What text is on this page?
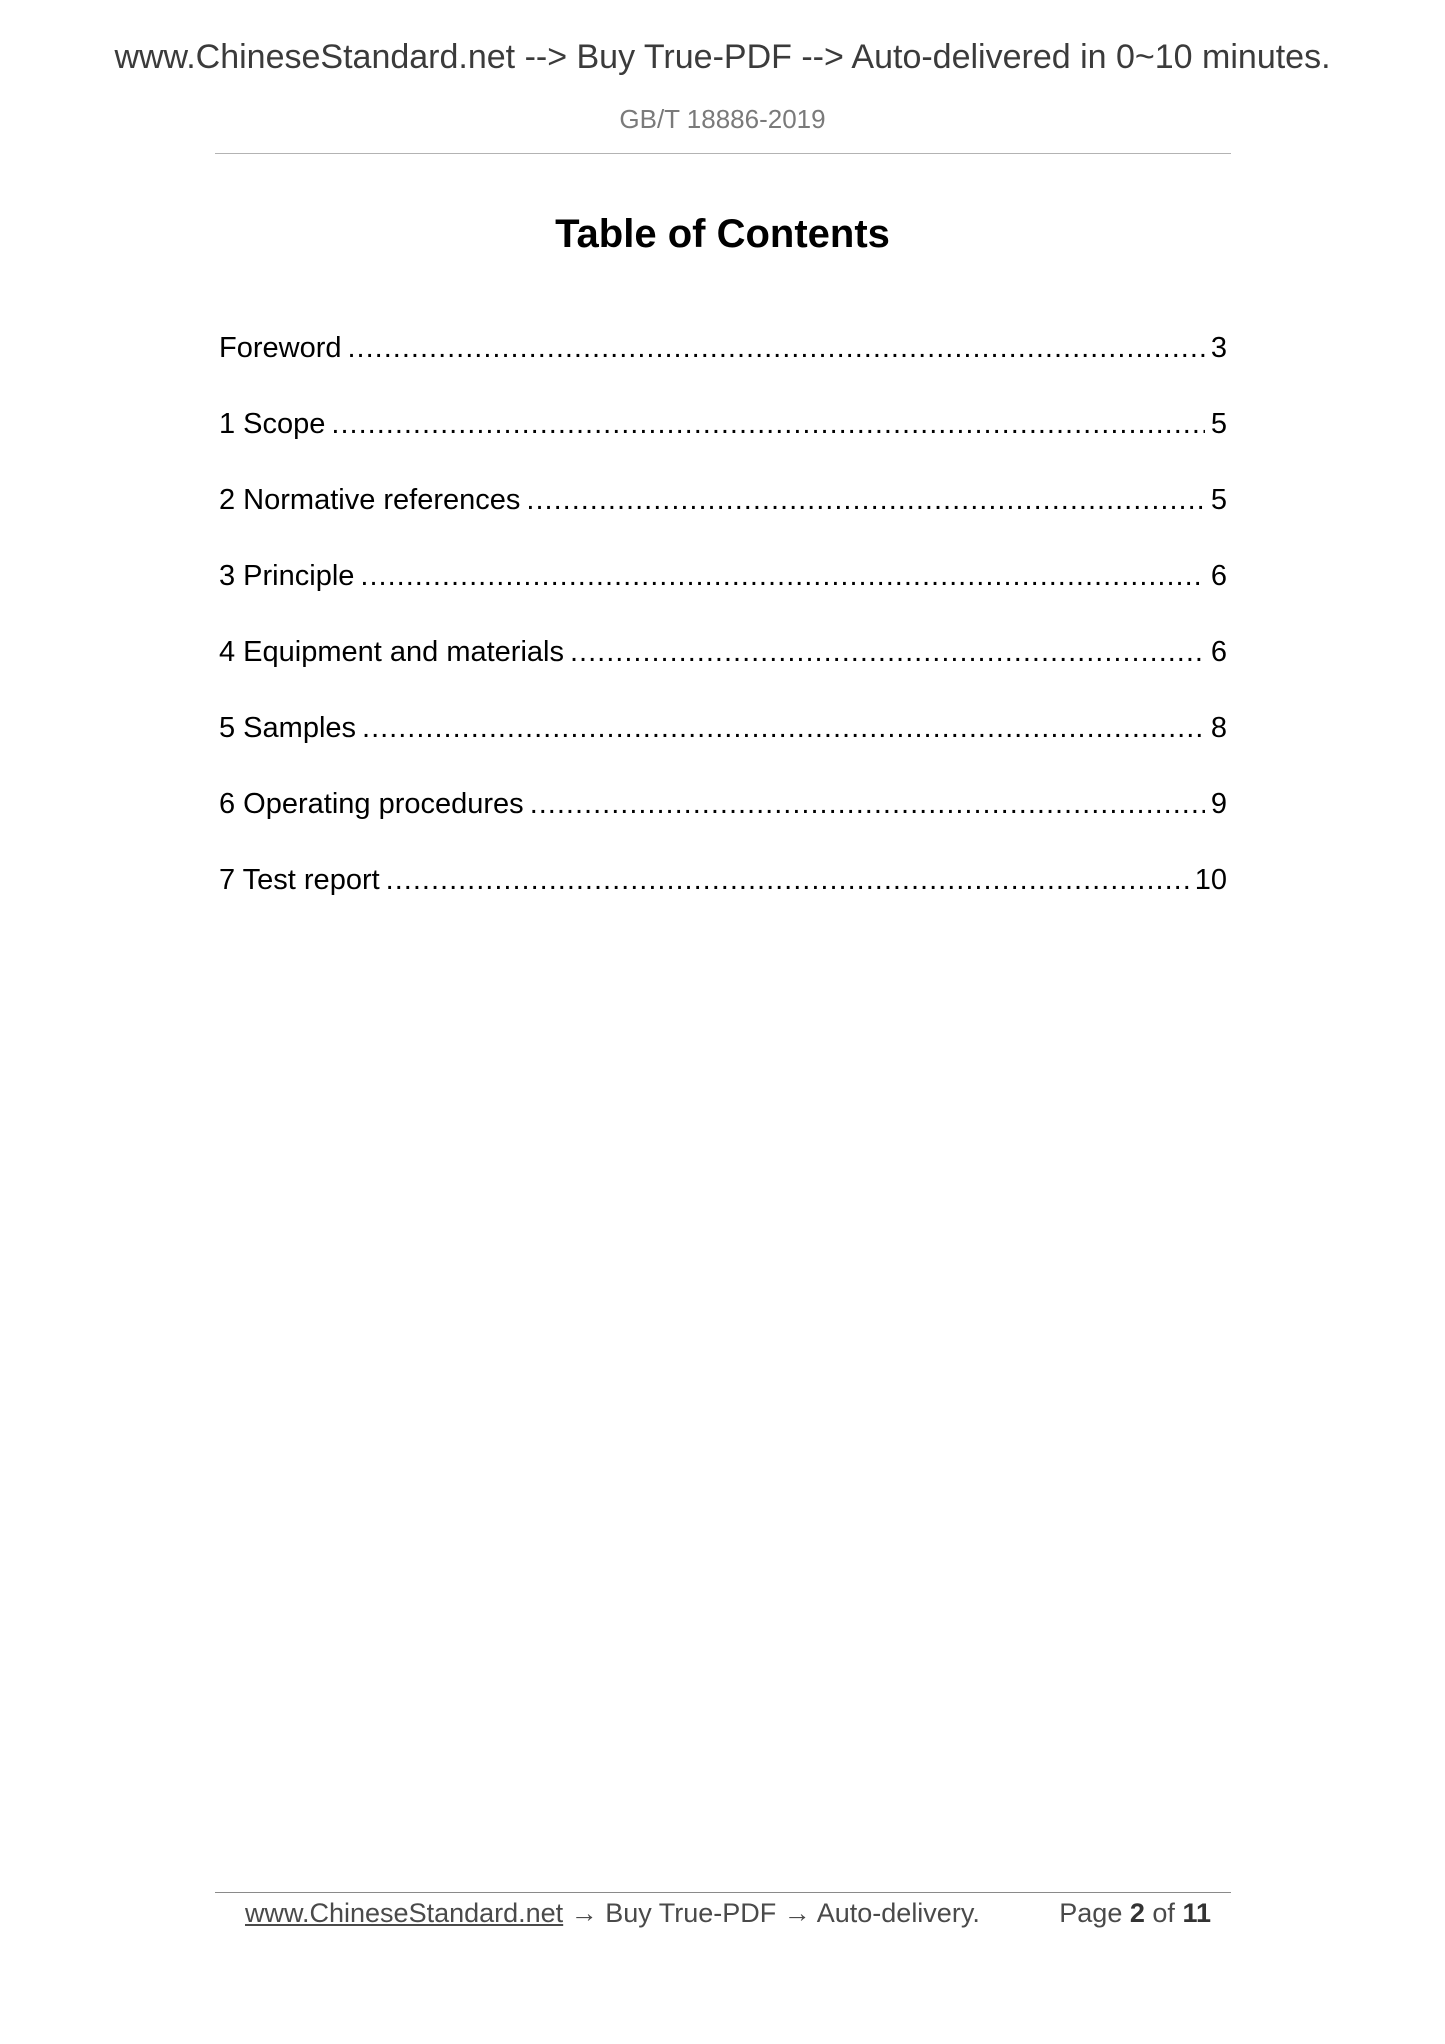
www.ChineseStandard.net --> Buy True-PDF --> Auto-delivered in 0~10 minutes.
GB/T 18886-2019
Table of Contents
Foreword .....	3
1 Scope .....	5
2 Normative references .....	5
3 Principle .....	6
4 Equipment and materials .....	6
5 Samples .....	8
6 Operating procedures .....	9
7 Test report .....	10
www.ChineseStandard.net → Buy True-PDF → Auto-delivery.	Page 2 of 11
